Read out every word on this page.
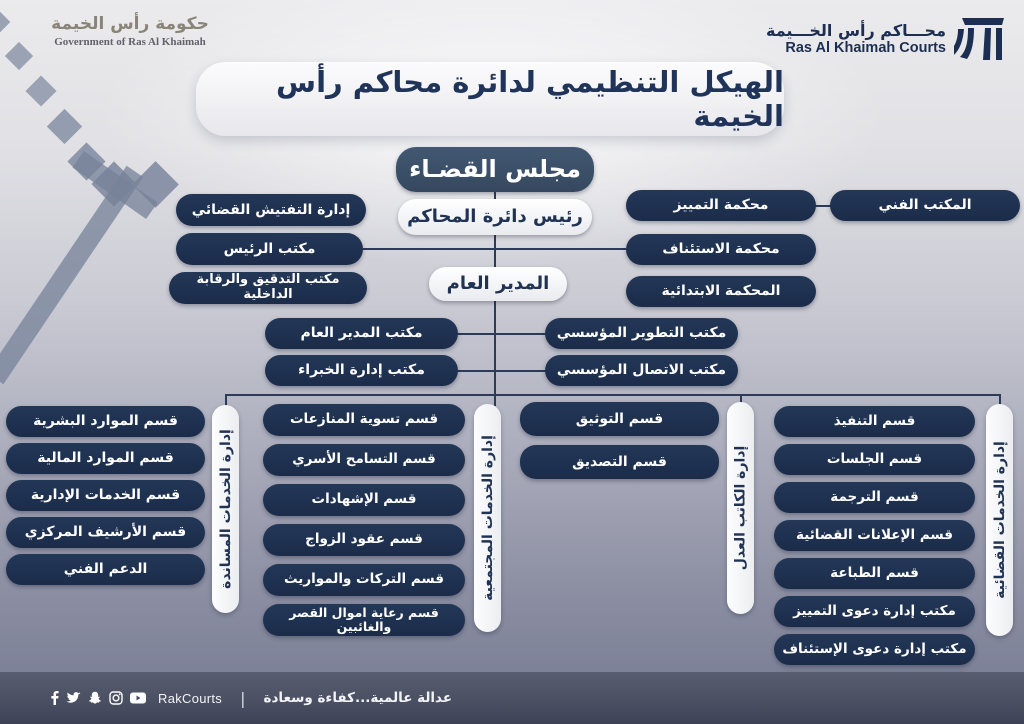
حكومة رأس الخيمة
Government of Ras Al Khaimah
محـــاكم رأس الخـــيمة
Ras Al Khaimah Courts
الهيكل التنظيمي لدائرة محاكم رأس الخيمة
مجلس القضـاء
رئيس دائرة المحاكم
إدارة التفتيش القضائي
مكتب الرئيس
مكتب التدقيق والرقابة الداخلية
محكمة التمييز	المكتب الفني
محكمة الاستئناف
المحكمة الابتدائية
المدير العام
مكتب المدير العام
مكتب إدارة الخبراء
مكتب التطوير المؤسسي
مكتب الاتصال المؤسسي
قسم الموارد البشرية
قسم الموارد المالية
قسم الخدمات الإدارية
قسم الأرشيف المركزي
الدعم الفني	إدارة الخدمات المساندة
قسم تسوية المنازعات
قسم التسامح الأسري
قسم الإشهادات
قسم عقود الزواج
قسم التركات والمواريث
قسم رعاية اموال القصر والغائبين
إدارة الخدمات المجتمعية
قسم التوثيق
قسم التصديق	إدارة الكاتب العدل
قسم التنفيذ
قسم الجلسات
قسم الترجمة
قسم الإعلانات القضائية
قسم الطباعة
مكتب إدارة دعوى التمييز
مكتب إدارة دعوى الإستئناف
إدارة الخدمات القضائية
RakCourts | عدالة عالمية...كفاءة وسعادة
